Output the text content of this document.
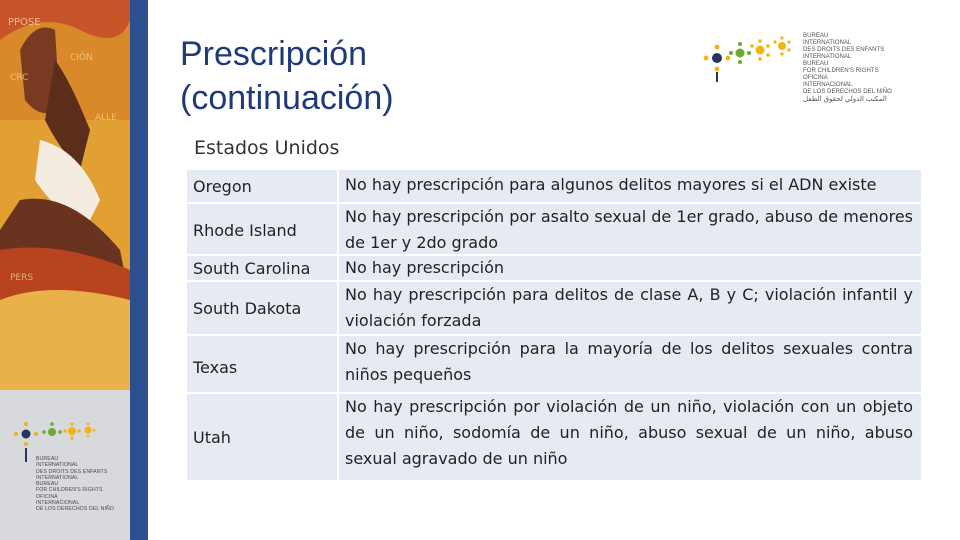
PPOSE
CIÓN
CRC
ALLE
PERS
BUREAU
INTERNATIONAL
DES DROITS DES ENFANTS
INTERNATIONAL
BUREAU
FOR CHILDREN'S RIGHTS
OFICINA
INTERNACIONAL
DE LOS DERECHOS DEL NIÑO
Prescripción
(continuación)
BUREAU
INTERNATIONAL
DES DROITS DES ENFANTS
INTERNATIONAL
BUREAU
FOR CHILDREN'S RIGHTS
OFICINA
INTERNACIONAL
DE LOS DERECHOS DEL NIÑO
المكتب الدولي لحقوق الطفل
Estados Unidos
Oregon	No hay prescripción para algunos delitos mayores si el ADN existe
Rhode Island
No hay prescripción por asalto sexual de 1er grado, abuso de menores
de 1er y 2do grado
South Carolina No hay prescripción
South Dakota
No hay prescripción para delitos de clase A, B y C; violación infantil y
violación forzada
Texas
No hay prescripción para la mayoría de los delitos sexuales contra
niños pequeños
Utah
No hay prescripción por violación de un niño, violación con un objeto
de un niño, sodomía de un niño, abuso sexual de un niño, abuso
sexual agravado de un niño
